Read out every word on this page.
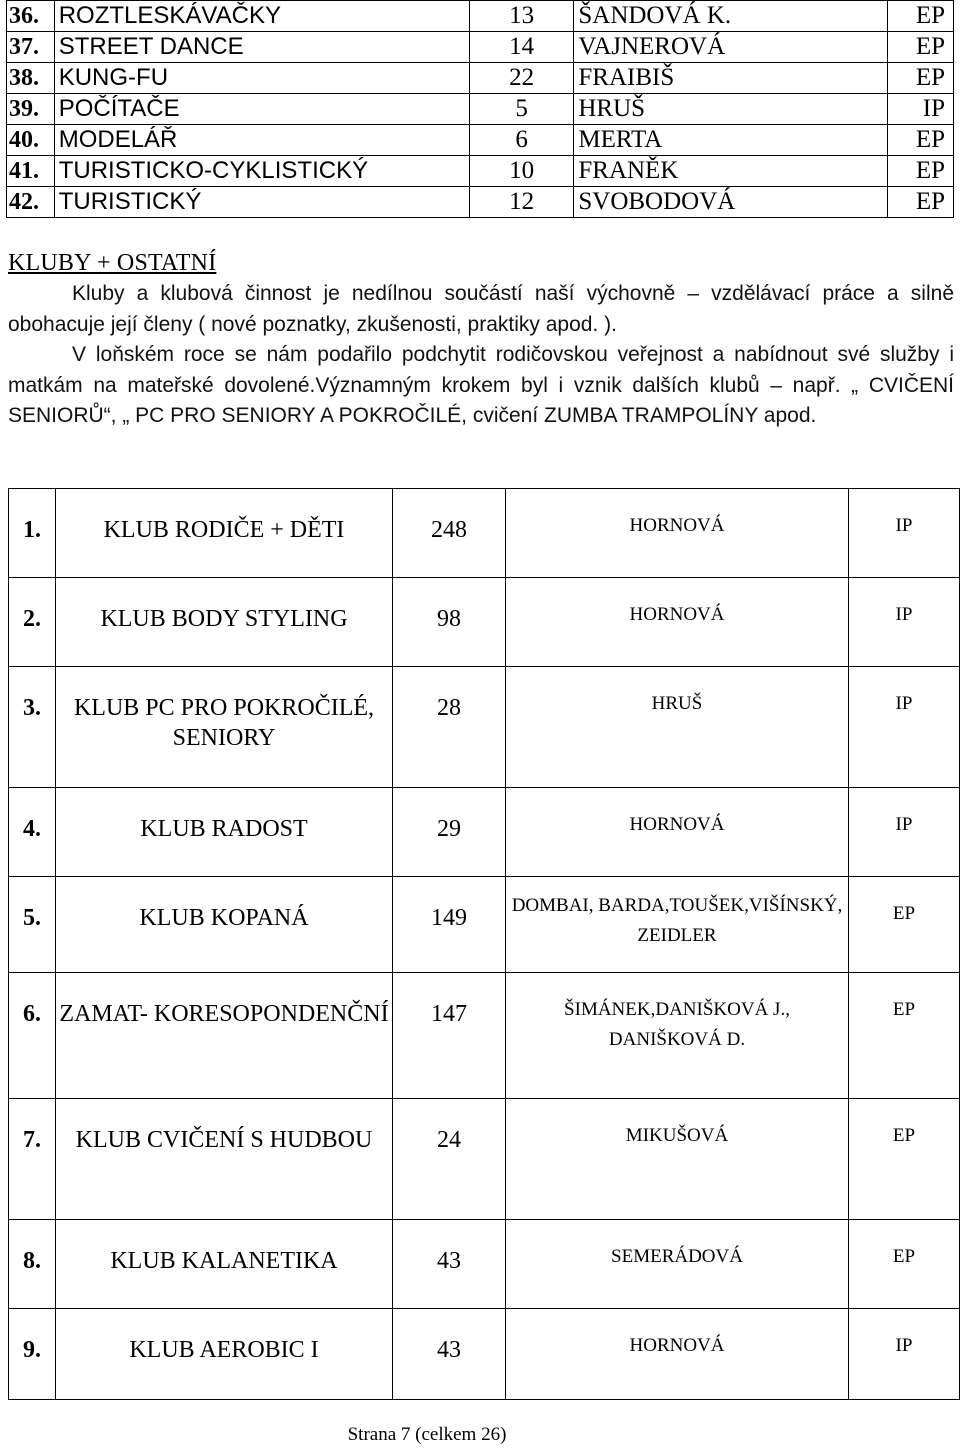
36.	ROZTLESKÁVAČKY	13	ŠANDOVÁ K.	EP
37.	STREET DANCE	14	VAJNEROVÁ	EP
38.	KUNG-FU	22	FRAIBIŠ	EP
39.	POČÍTAČE	5	HRUŠ	IP
40.	MODELÁŘ	6	MERTA	EP
41.	TURISTICKO-CYKLISTICKÝ	10	FRANĚK	EP
42.	TURISTICKÝ	12	SVOBODOVÁ	EP
KLUBY + OSTATNÍ
Kluby a klubová činnost je nedílnou součástí naší výchovně – vzdělávací práce a silně obohacuje její členy ( nové poznatky, zkušenosti, praktiky apod. ).
V loňském roce se nám podařilo podchytit rodičovskou veřejnost a nabídnout své služby i matkám na mateřské dovolené.Významným krokem byl i vznik dalších klubů – např. „ CVIČENÍ SENIORŮ“, „ PC PRO SENIORY A POKROČILÉ, cvičení ZUMBA TRAMPOLÍNY apod.
1.	KLUB RODIČE + DĚTI	248	HORNOVÁ	IP

2.	KLUB BODY STYLING	98	HORNOVÁ	IP

3.	KLUB PC PRO POKROČILÉ, SENIORY	28	HRUŠ	IP

4.	KLUB RADOST	29	HORNOVÁ	IP

5.	KLUB KOPANÁ	149	DOMBAI, BARDA,TOUŠEK,VIŠÍNSKÝ, ZEIDLER	EP

6.	ZAMAT- KORESOPONDENČNÍ	147	ŠIMÁNEK,DANIŠKOVÁ J., DANIŠKOVÁ D.	EP

7.	KLUB CVIČENÍ S HUDBOU	24	MIKUŠOVÁ	EP

8.	KLUB KALANETIKA	43	SEMERÁDOVÁ	EP

9.	KLUB AEROBIC I	43	HORNOVÁ	IP
Strana 7 (celkem 26)
